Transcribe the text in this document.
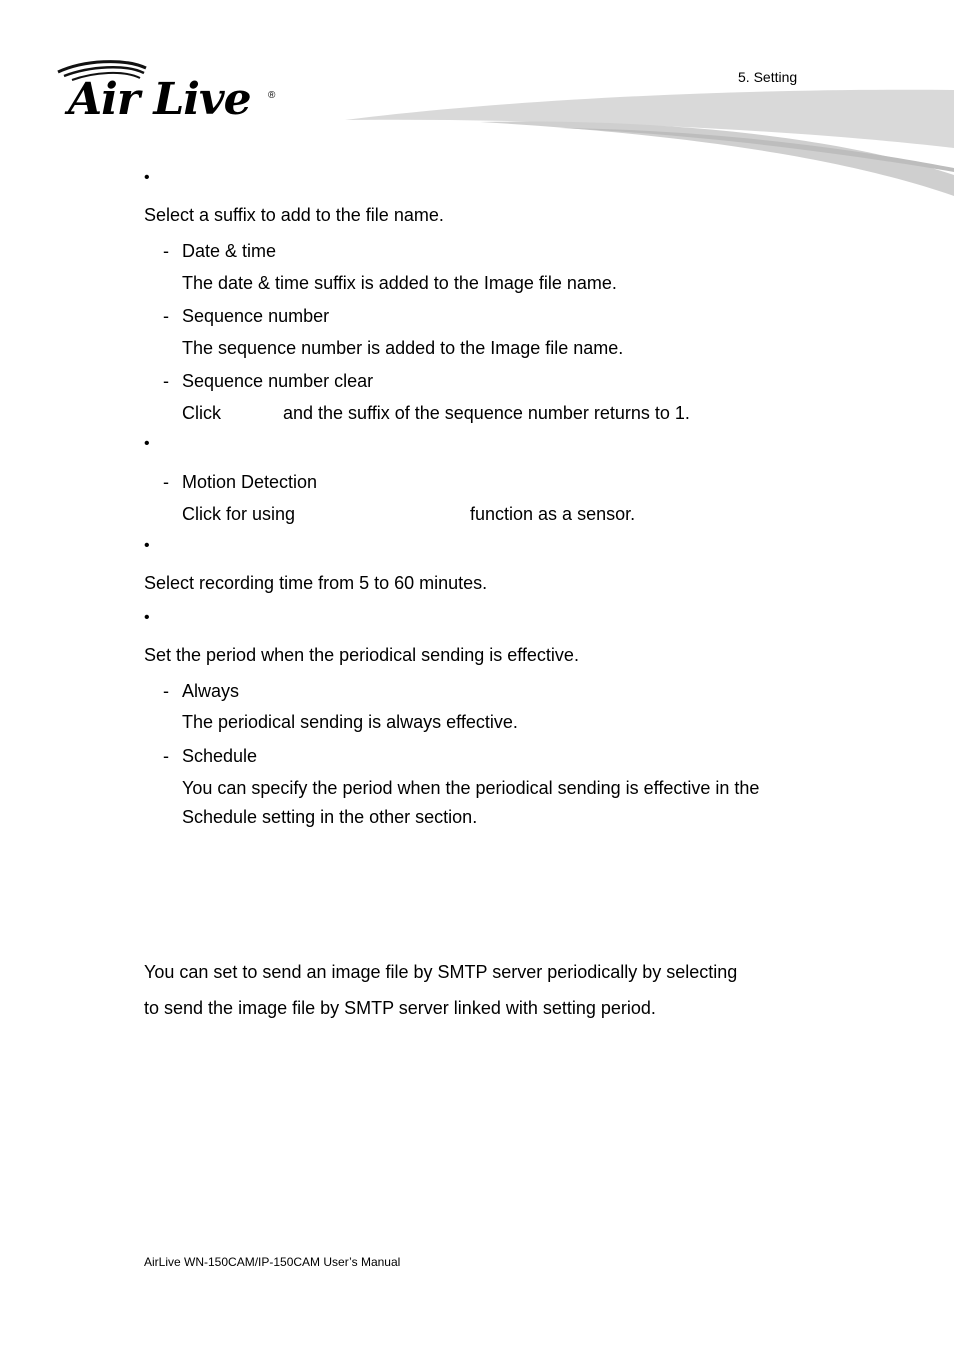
Air Live ®
5. Setting
•
Select a suffix to add to the file name.
- Date & time
The date & time suffix is added to the Image file name.
- Sequence number
The sequence number is added to the Image file name.
- Sequence number clear
Click	and the suffix of the sequence number returns to 1.
•
- Motion Detection
Click for using	function as a sensor.
•
Select recording time from 5 to 60 minutes.
•
Set the period when the periodical sending is effective.
- Always
The periodical sending is always effective.
- Schedule
You can specify the period when the periodical sending is effective in the
Schedule setting in the other section.
You can set to send an image file by SMTP server periodically by selecting
to send the image file by SMTP server linked with setting period.
AirLive WN-150CAM/IP-150CAM User’s Manual
